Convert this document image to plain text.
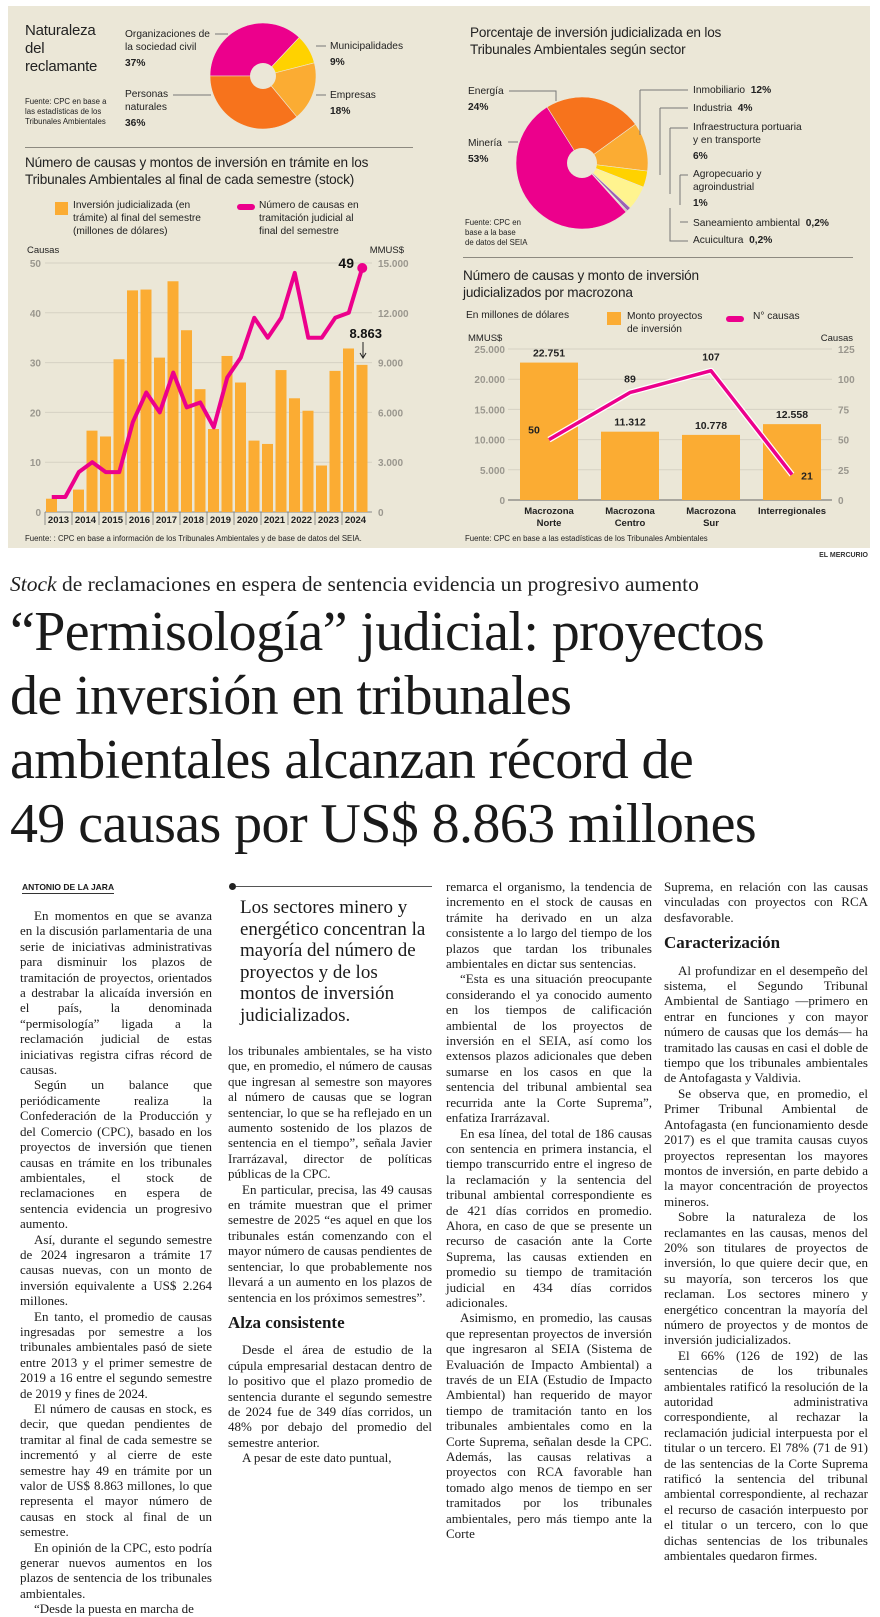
Naturaleza
del
reclamante
Fuente: CPC en base a
las estadísticas de los
Tribunales Ambientales
Organizaciones de
la sociedad civil
37%
Municipalidades
9%
Empresas
18%
Personas
naturales
36%
Número de causas y montos de inversión en trámite en los
Tribunales Ambientales al final de cada semestre (stock)
Inversión judicializada (en
trámite) al final del semestre
(millones de dólares)
Número de causas en
tramitación judicial al
final del semestre
Fuente: : CPC en base a información de los Tribunales Ambientales y de base de datos del SEIA.
Porcentaje de inversión judicializada en los
Tribunales Ambientales según sector
Energía
24%
Minería
53%
Inmobiliario 12%
Industria 4%
Infraestructura portuaria
y en transporte
6%
Agropecuario y
agroindustrial
1%
Saneamiento ambiental 0,2%
Acuicultura 0,2%
Fuente: CPC en
base a la base
de datos del SEIA
Número de causas y monto de inversión
judicializados por macrozona
En millones de dólares	Monto proyectos
de inversión
N° causas
Fuente: CPC en base a las estadísticas de los Tribunales Ambientales
EL MERCURIO
0	0
10	3.000
20	6.000
30	9.000
40	12.000
50	15.000
Causas	MMUS$
2013 2014 2015 2016 2017 2018 2019 2020 2021 2022 2023 2024
49
8.863
0	0
5.000	25
10.000	50
15.000	75
20.000	100
25.000	125
MMUS$	Causas
22.751
Macrozona
Norte
11.312
Macrozona
Centro
10.778
Macrozona
Sur
12.558
Interregionales
50
89
107
21
Stock de reclamaciones en espera de sentencia evidencia un progresivo aumento
“Permisología” judicial: proyectos
de inversión en tribunales
ambientales alcanzan récord de
49 causas por US$ 8.863 millones
ANTONIO DE LA JARA
Los sectores minero y energético concentran la mayoría del número de proyectos y de los montos de inversión judicializados.

En momentos en que se avanza en la discusión parlamentaria de una serie de iniciativas administrativas para disminuir los plazos de tramitación de proyectos, orientados a destrabar la alicaída inversión en el país, la denominada “permisología” ligada a la reclamación judicial de estas iniciativas registra cifras récord de causas.

Según un balance que periódicamente realiza la Confederación de la Producción y del Comercio (CPC), basado en los proyectos de inversión que tienen causas en trámite en los tribunales ambientales, el stock de reclamaciones en espera de sentencia evidencia un progresivo aumento.

Así, durante el segundo semestre de 2024 ingresaron a trámite 17 causas nuevas, con un monto de inversión equivalente a US$ 2.264 millones.

En tanto, el promedio de causas ingresadas por semestre a los tribunales ambientales pasó de siete entre 2013 y el primer semestre de 2019 a 16 entre el segundo semestre de 2019 y fines de 2024.

El número de causas en stock, es decir, que quedan pendientes de tramitar al final de cada semestre se incrementó y al cierre de este semestre hay 49 en trámite por un valor de US$ 8.863 millones, lo que representa el mayor número de causas en stock al final de un semestre.

En opinión de la CPC, esto podría generar nuevos aumentos en los plazos de sentencia de los tribunales ambientales.

“Desde la puesta en marcha de

los tribunales ambientales, se ha visto que, en promedio, el número de causas que ingresan al semestre son mayores al número de causas que se logran sentenciar, lo que se ha reflejado en un aumento sostenido de los plazos de sentencia en el tiempo”, señala Javier Irarrázaval, director de políticas públicas de la CPC.

En particular, precisa, las 49 causas en trámite muestran que el primer semestre de 2025 “es aquel en que los tribunales están comenzando con el mayor número de causas pendientes de sentenciar, lo que probablemente nos llevará a un aumento en los plazos de sentencia en los próximos semestres”.

Alza consistente

Desde el área de estudio de la cúpula empresarial destacan dentro de lo positivo que el plazo promedio de sentencia durante el segundo semestre de 2024 fue de 349 días corridos, un 48% por debajo del promedio del semestre anterior.

A pesar de este dato puntual,

remarca el organismo, la tendencia de incremento en el stock de causas en trámite ha derivado en un alza consistente a lo largo del tiempo de los plazos que tardan los tribunales ambientales en dictar sus sentencias.

“Esta es una situación preocupante considerando el ya conocido aumento en los tiempos de calificación ambiental de los proyectos de inversión en el SEIA, así como los extensos plazos adicionales que deben sumarse en los casos en que la sentencia del tribunal ambiental sea recurrida ante la Corte Suprema”, enfatiza Irarrázaval.

En esa línea, del total de 186 causas con sentencia en primera instancia, el tiempo transcurrido entre el ingreso de la reclamación y la sentencia del tribunal ambiental correspondiente es de 421 días corridos en promedio. Ahora, en caso de que se presente un recurso de casación ante la Corte Suprema, las causas extienden en promedio su tiempo de tramitación judicial en 434 días corridos adicionales.

Asimismo, en promedio, las causas que representan proyectos de inversión que ingresaron al SEIA (Sistema de Evaluación de Impacto Ambiental) a través de un EIA (Estudio de Impacto Ambiental) han requerido de mayor tiempo de tramitación tanto en los tribunales ambientales como en la Corte Suprema, señalan desde la CPC. Además, las causas relativas a proyectos con RCA favorable han tomado algo menos de tiempo en ser tramitados por los tribunales ambientales, pero más tiempo ante la Corte

Suprema, en relación con las causas vinculadas con proyectos con RCA desfavorable.

Caracterización

Al profundizar en el desempeño del sistema, el Segundo Tribunal Ambiental de Santiago —primero en entrar en funciones y con mayor número de causas que los demás— ha tramitado las causas en casi el doble de tiempo que los tribunales ambientales de Antofagasta y Valdivia.

Se observa que, en promedio, el Primer Tribunal Ambiental de Antofagasta (en funcionamiento desde 2017) es el que tramita causas cuyos proyectos representan los mayores montos de inversión, en parte debido a la mayor concentración de proyectos mineros.

Sobre la naturaleza de los reclamantes en las causas, menos del 20% son titulares de proyectos de inversión, lo que quiere decir que, en su mayoría, son terceros los que reclaman. Los sectores minero y energético concentran la mayoría del número de proyectos y de montos de inversión judicializados.

El 66% (126 de 192) de las sentencias de los tribunales ambientales ratificó la resolución de la autoridad administrativa correspondiente, al rechazar la reclamación judicial interpuesta por el titular o un tercero. El 78% (71 de 91) de las sentencias de la Corte Suprema ratificó la sentencia del tribunal ambiental correspondiente, al rechazar el recurso de casación interpuesto por el titular o un tercero, con lo que dichas sentencias de los tribunales ambientales quedaron firmes.
